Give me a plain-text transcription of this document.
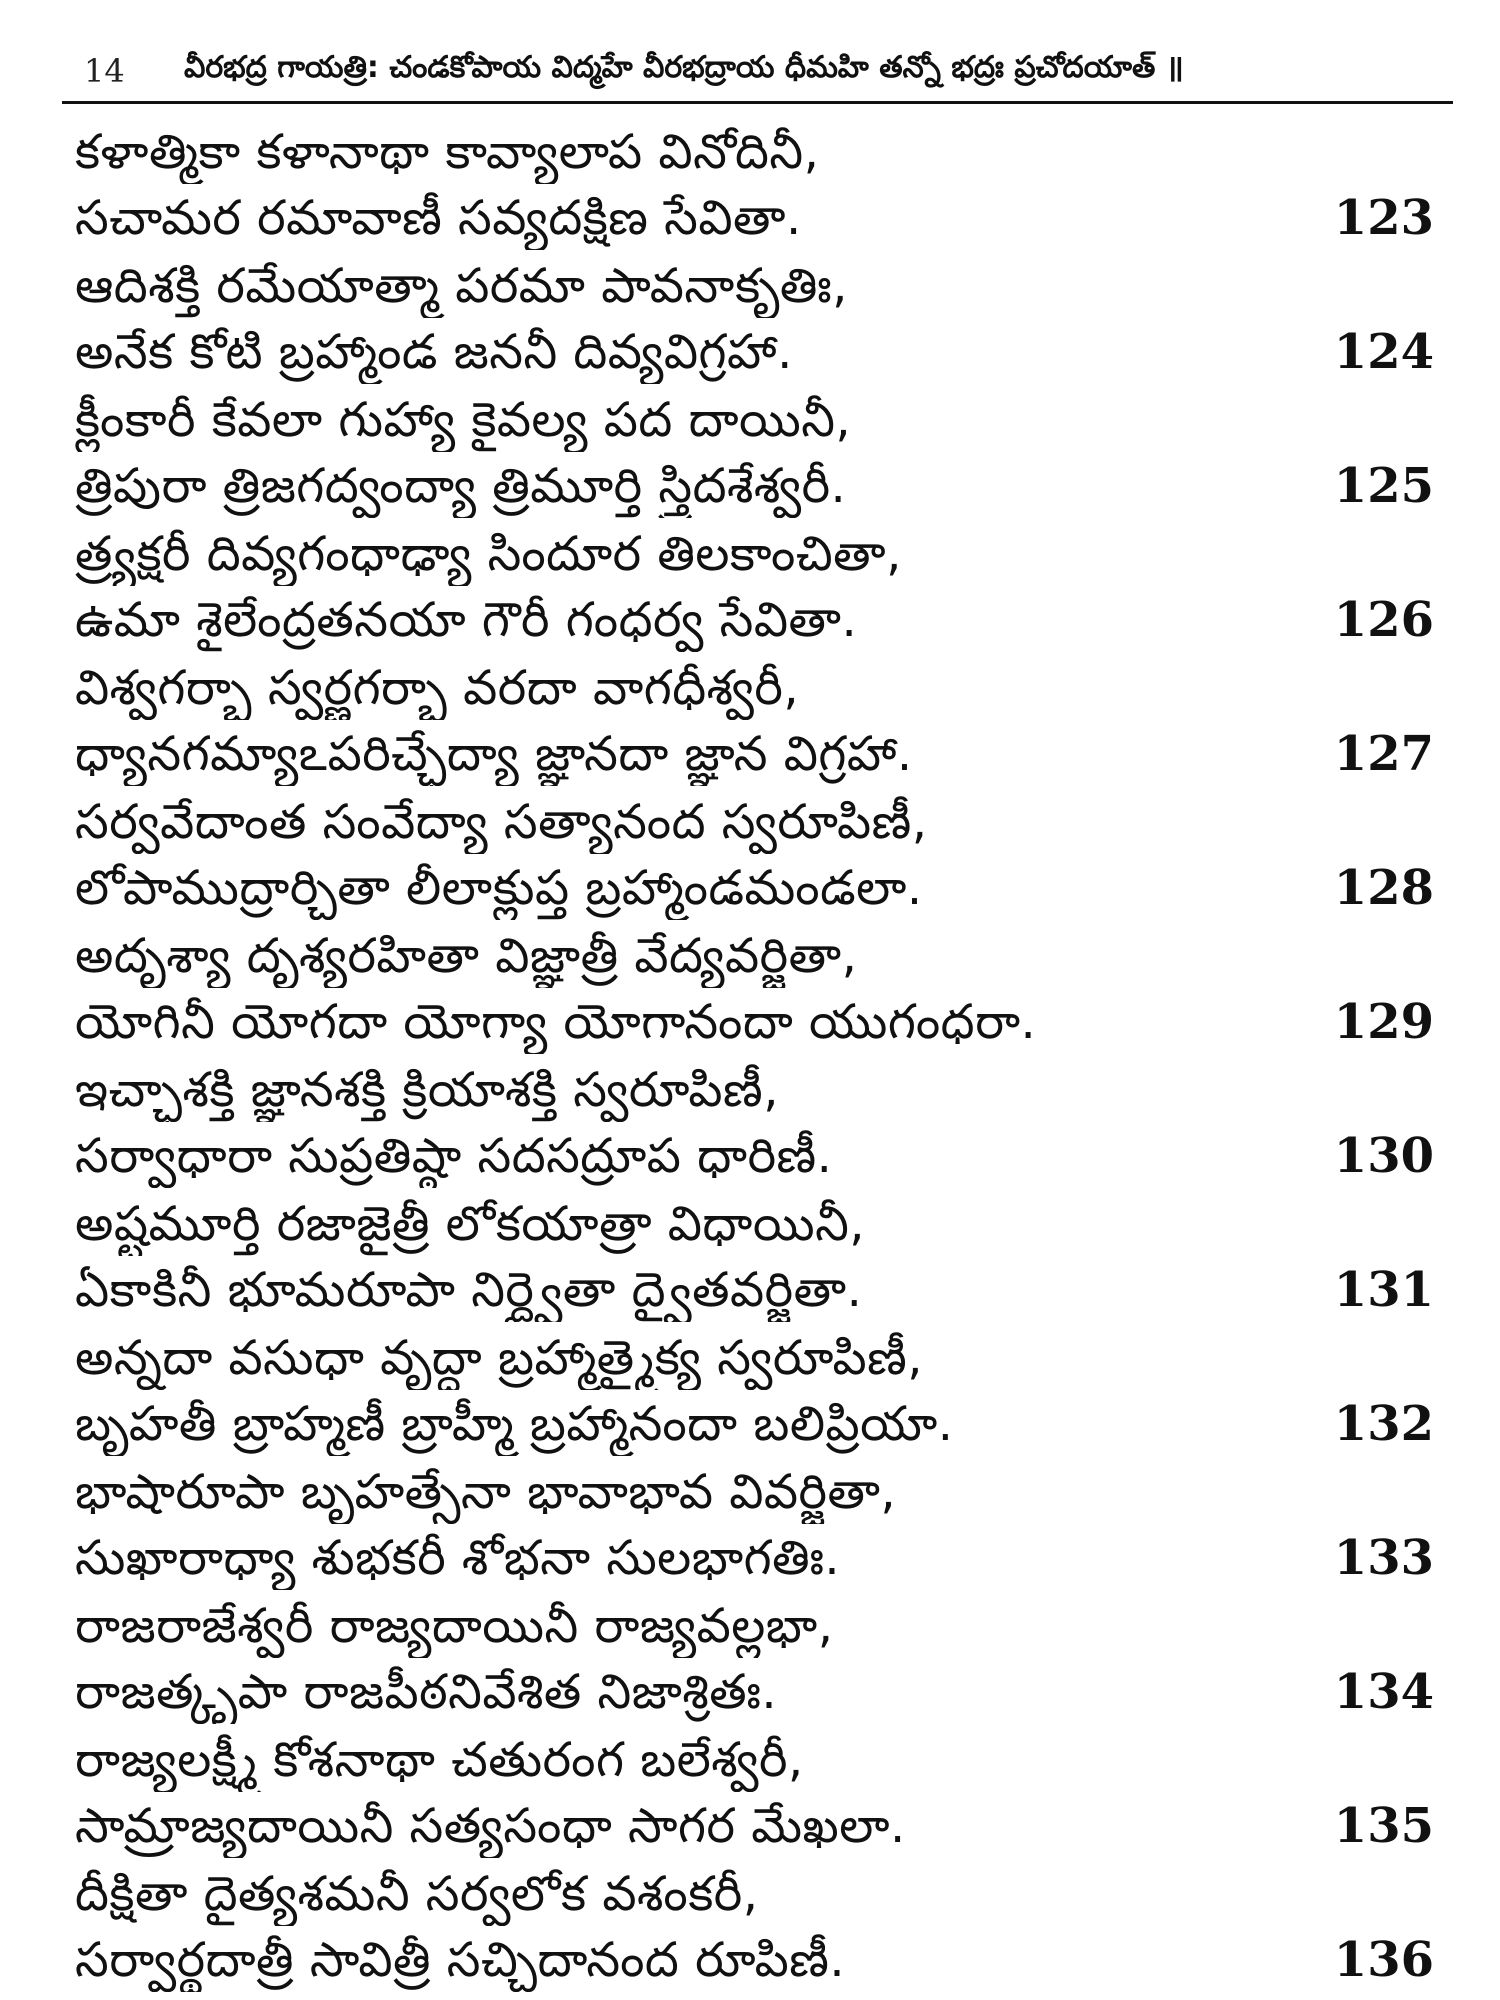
14	వీరభద్ర గాయత్రి: చండకోపాయ విద్మహే వీరభద్రాయ ధీమహి తన్నో భద్రః ప్రచోదయాత్ ॥
కళాత్మికా కళానాథా కావ్యాలాప వినోదినీ,
సచామర రమావాణీ సవ్యదక్షిణ సేవితా.	123
ఆదిశక్తి రమేయాత్మా పరమా పావనాకృతిః,
అనేక కోటి బ్రహ్మాండ జననీ దివ్యవిగ్రహా.	124
క్లీంకారీ కేవలా గుహ్యా కైవల్య పద దాయినీ,
త్రిపురా త్రిజగద్వంద్యా త్రిమూర్తి స్త్రిదశేశ్వరీ.	125
త్ర్యక్షరీ దివ్యగంధాఢ్యా సిందూర తిలకాంచితా,
ఉమా శైలేంద్రతనయా గౌరీ గంధర్వ సేవితా.	126
విశ్వగర్భా స్వర్ణగర్భా వరదా వాగధీశ్వరీ,
ధ్యానగమ్యాఽపరిచ్ఛేద్యా జ్ఞానదా జ్ఞాన విగ్రహా.	127
సర్వవేదాంత సంవేద్యా సత్యానంద స్వరూపిణీ,
లోపాముద్రార్చితా లీలాక్లుప్త బ్రహ్మాండమండలా.	128
అదృశ్యా దృశ్యరహితా విజ్ఞాత్రీ వేద్యవర్జితా,
యోగినీ యోగదా యోగ్యా యోగానందా యుగంధరా.	129
ఇచ్ఛాశక్తి జ్ఞానశక్తి క్రియాశక్తి స్వరూపిణీ,
సర్వాధారా సుప్రతిష్ఠా సదసద్రూప ధారిణీ.	130
అష్టమూర్తి రజాజైత్రీ లోకయాత్రా విధాయినీ,
ఏకాకినీ భూమరూపా నిర్ద్వైతా ద్వైతవర్జితా.	131
అన్నదా వసుధా వృద్ధా బ్రహ్మాత్మైక్య స్వరూపిణీ,
బృహతీ బ్రాహ్మణీ బ్రాహ్మీ బ్రహ్మానందా బలిప్రియా.	132
భాషారూపా బృహత్సేనా భావాభావ వివర్జితా,
సుఖారాధ్యా శుభకరీ శోభనా సులభాగతిః.	133
రాజరాజేశ్వరీ రాజ్యదాయినీ రాజ్యవల్లభా,
రాజత్కృపా రాజపీఠనివేశిత నిజాశ్రితః.	134
రాజ్యలక్ష్మీ కోశనాథా చతురంగ బలేశ్వరీ,
సామ్రాజ్యదాయినీ సత్యసంధా సాగర మేఖలా.	135
దీక్షితా దైత్యశమనీ సర్వలోక వశంకరీ,
సర్వార్థదాత్రీ సావిత్రీ సచ్చిదానంద రూపిణీ.	136
